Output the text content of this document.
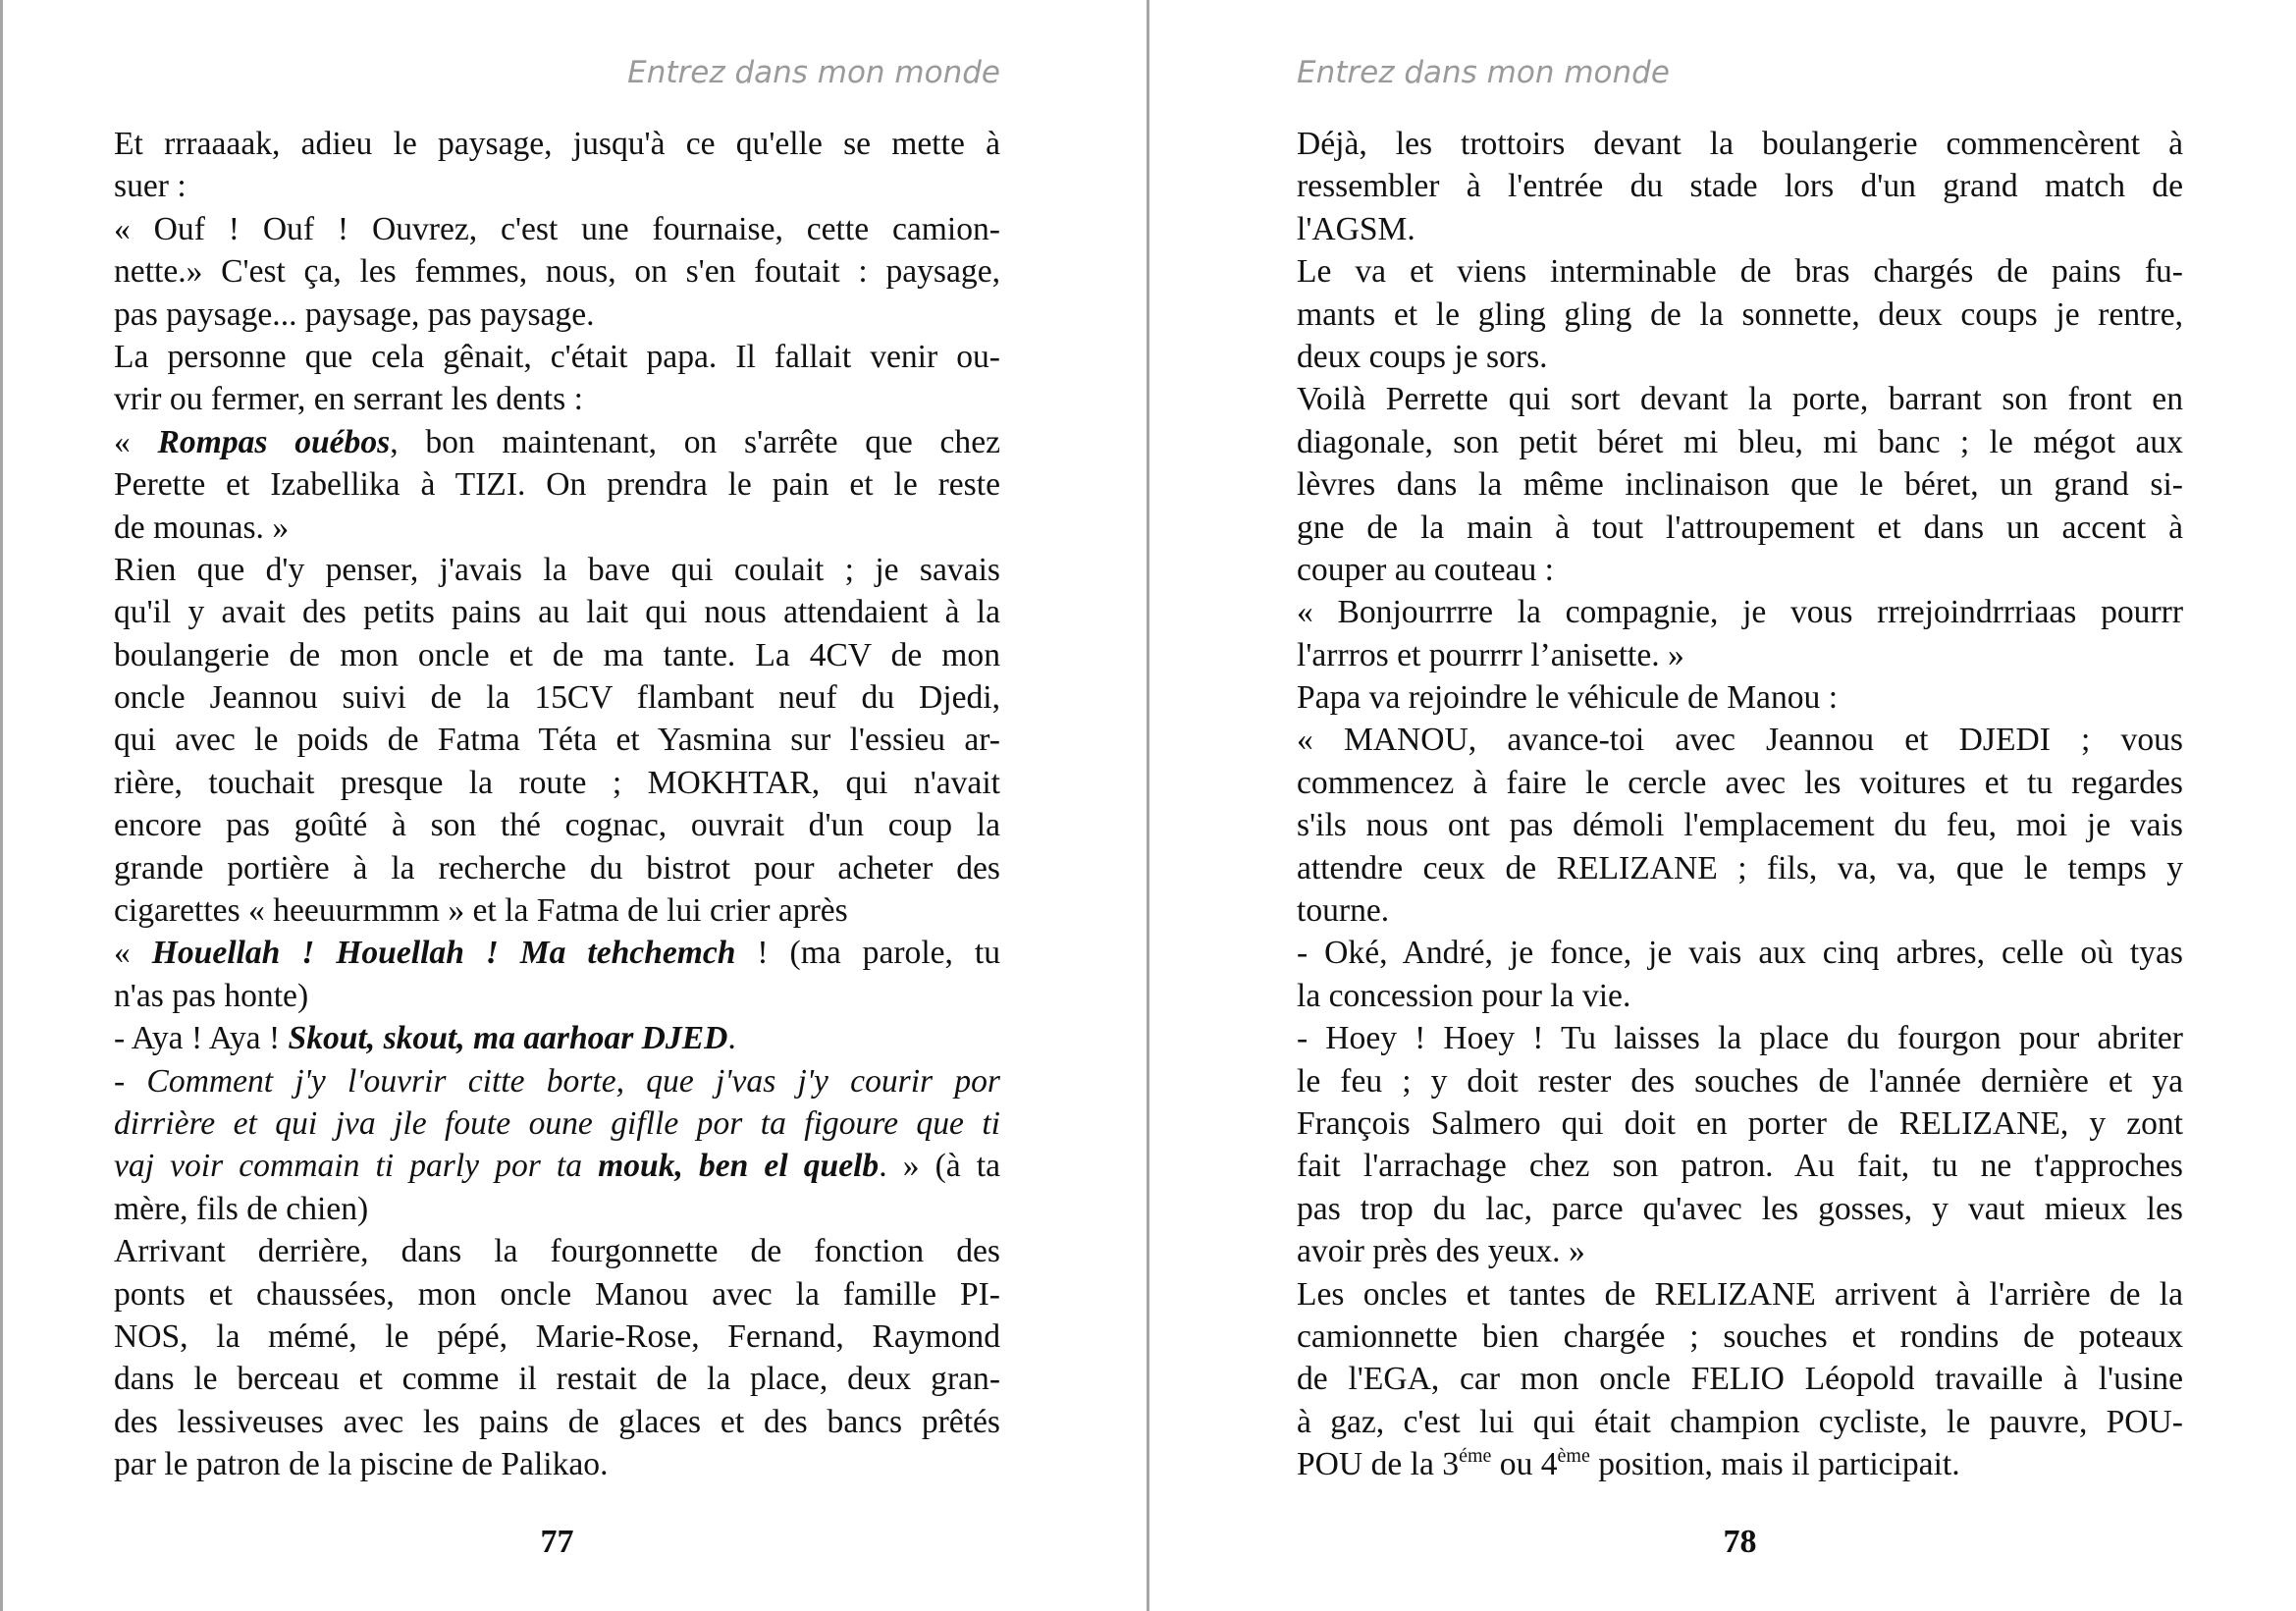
Entrez dans mon monde
Et rrraaaak, adieu le paysage, jusqu'à ce qu'elle se mette à
suer :
« Ouf ! Ouf ! Ouvrez, c'est une fournaise, cette camion-
nette.» C'est ça, les femmes, nous, on s'en foutait : paysage,
pas paysage... paysage, pas paysage.
La personne que cela gênait, c'était papa. Il fallait venir ou-
vrir ou fermer, en serrant les dents :
« Rompas ouébos, bon maintenant, on s'arrête que chez
Perette et Izabellika à TIZI. On prendra le pain et le reste
de mounas. »
Rien que d'y penser, j'avais la bave qui coulait ; je savais
qu'il y avait des petits pains au lait qui nous attendaient à la
boulangerie de mon oncle et de ma tante. La 4CV de mon
oncle Jeannou suivi de la 15CV flambant neuf du Djedi,
qui avec le poids de Fatma Téta et Yasmina sur l'essieu ar-
rière, touchait presque la route ; MOKHTAR, qui n'avait
encore pas goûté à son thé cognac, ouvrait d'un coup la
grande portière à la recherche du bistrot pour acheter des
cigarettes « heeuurmmm » et la Fatma de lui crier après
« Houellah ! Houellah ! Ma tehchemch ! (ma parole, tu
n'as pas honte)
- Aya ! Aya ! Skout, skout, ma aarhoar DJED.
- Comment j'y l'ouvrir citte borte, que j'vas j'y courir por
dirrière et qui jva jle foute oune giflle por ta figoure que ti
vaj voir commain ti parly por ta mouk, ben el quelb. » (à ta
mère, fils de chien)
Arrivant derrière, dans la fourgonnette de fonction des
ponts et chaussées, mon oncle Manou avec la famille PI-
NOS, la mémé, le pépé, Marie-Rose, Fernand, Raymond
dans le berceau et comme il restait de la place, deux gran-
des lessiveuses avec les pains de glaces et des bancs prêtés
par le patron de la piscine de Palikao.
77
Entrez dans mon monde
Déjà, les trottoirs devant la boulangerie commencèrent à
ressembler à l'entrée du stade lors d'un grand match de
l'AGSM.
Le va et viens interminable de bras chargés de pains fu-
mants et le gling gling de la sonnette, deux coups je rentre,
deux coups je sors.
Voilà Perrette qui sort devant la porte, barrant son front en
diagonale, son petit béret mi bleu, mi banc ; le mégot aux
lèvres dans la même inclinaison que le béret, un grand si-
gne de la main à tout l'attroupement et dans un accent à
couper au couteau :
« Bonjourrrre la compagnie, je vous rrrejoindrrriaas pourrr
l'arrros et pourrrr l’anisette. »
Papa va rejoindre le véhicule de Manou :
« MANOU, avance-toi avec Jeannou et DJEDI ; vous
commencez à faire le cercle avec les voitures et tu regardes
s'ils nous ont pas démoli l'emplacement du feu, moi je vais
attendre ceux de RELIZANE ; fils, va, va, que le temps y
tourne.
- Oké, André, je fonce, je vais aux cinq arbres, celle où tyas
la concession pour la vie.
- Hoey ! Hoey ! Tu laisses la place du fourgon pour abriter
le feu ; y doit rester des souches de l'année dernière et ya
François Salmero qui doit en porter de RELIZANE, y zont
fait l'arrachage chez son patron. Au fait, tu ne t'approches
pas trop du lac, parce qu'avec les gosses, y vaut mieux les
avoir près des yeux. »
Les oncles et tantes de RELIZANE arrivent à l'arrière de la
camionnette bien chargée ; souches et rondins de poteaux
de l'EGA, car mon oncle FELIO Léopold travaille à l'usine
à gaz, c'est lui qui était champion cycliste, le pauvre, POU-
POU de la $3^{éme}$ ou 4ème position, mais il participait.
78
